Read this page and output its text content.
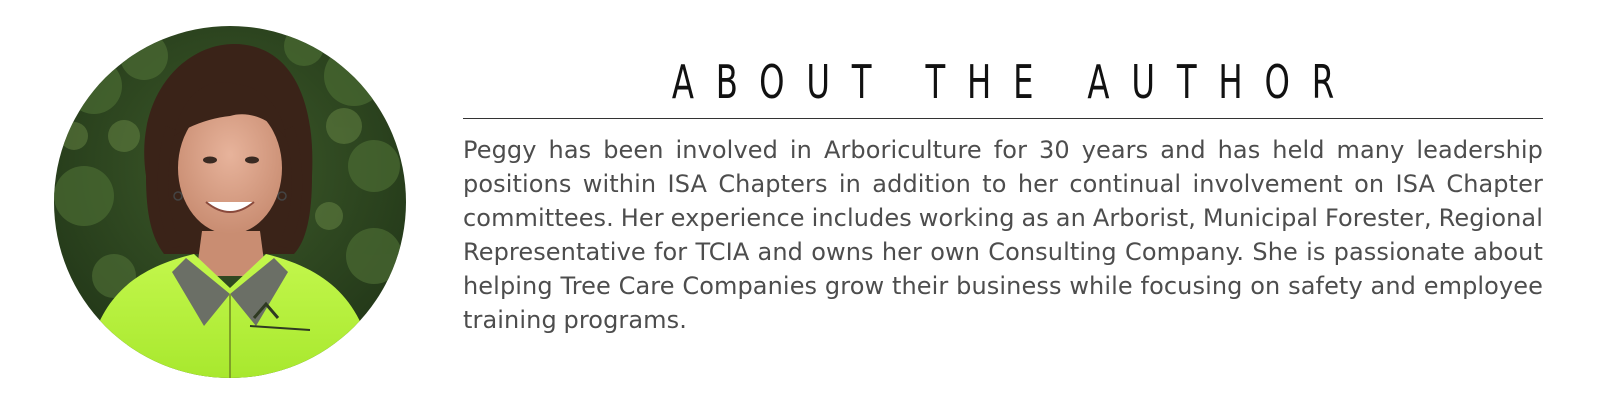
ABOUT THE AUTHOR

Peggy has been involved in Arboriculture for 30 years and has held many leadership positions within ISA Chapters in addition to her continual involvement on ISA Chapter committees. Her experience includes working as an Arborist, Municipal Forester, Regional Representative for TCIA and owns her own Consulting Company. She is passionate about helping Tree Care Companies grow their business while focusing on safety and employee training programs.
